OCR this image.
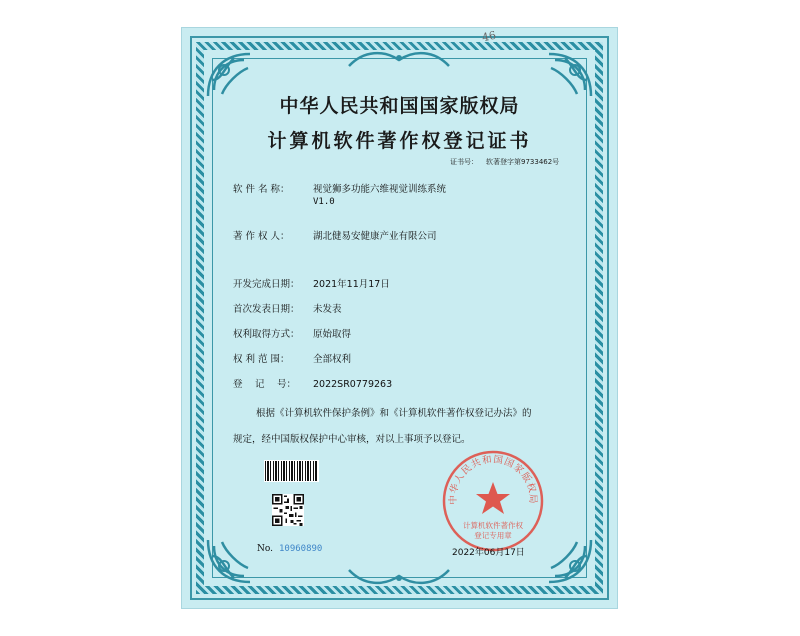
46
中华人民共和国国家版权局
计算机软件著作权登记证书
证书号： 软著登字第9733462号
软 件 名 称： 视觉狮多功能六维视觉训练系统
V1.0
著 作 权 人： 湖北健易安健康产业有限公司
开发完成日期： 2021年11月17日
首次发表日期： 未发表
权利取得方式： 原始取得
权 利 范 围： 全部权利
登　 记　 号： 2022SR0779263
根据《计算机软件保护条例》和《计算机软件著作权登记办法》的
规定，经中国版权保护中心审核，对以上事项予以登记。
No. 10960890
中华人民共和国国家版权局
计算机软件著作权
登记专用章
2022年06月17日
